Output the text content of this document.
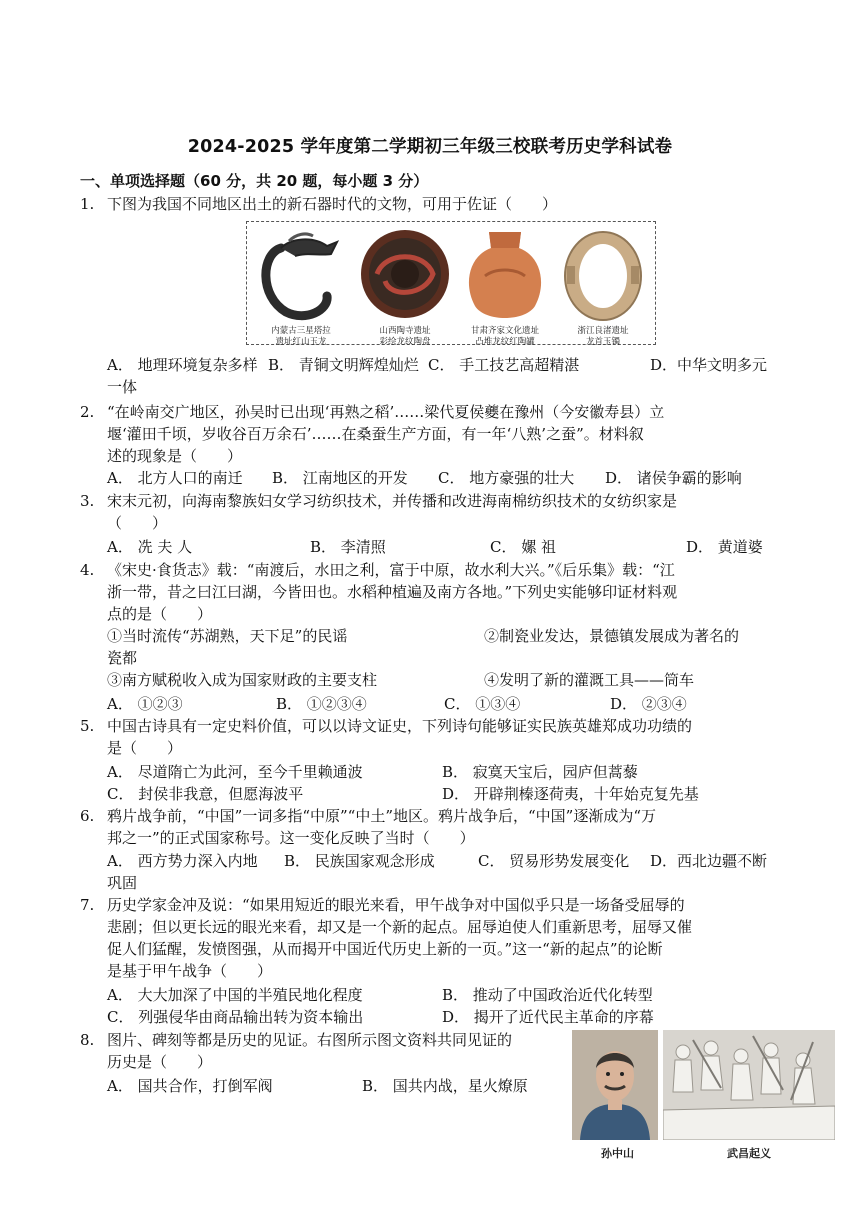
2024-2025 学年度第二学期初三年级三校联考历史学科试卷
一、单项选择题（60 分，共 20 题，每小题 3 分）
1. 下图为我国不同地区出土的新石器时代的文物，可用于佐证（　　）
内蒙古三星塔拉
遗址红山玉龙
山西陶寺遗址
彩绘龙纹陶盘
甘肃齐家文化遗址
凸堆龙纹红陶罐
浙江良渚遗址
龙首玉镯
A． 地理环境复杂多样 B． 青铜文明辉煌灿烂 C． 手工技艺高超精湛	D．中华文明多元
一体
2. “在岭南交广地区，孙吴时已出现‘再熟之稻’……梁代夏侯夔在豫州（今安徽寿县）立
堰‘灌田千顷，岁收谷百万余石’……在桑蚕生产方面，有一年‘八熟’之蚕”。材料叙
述的现象是（　　）
A． 北方人口的南迁 B． 江南地区的开发 C． 地方豪强的壮大 D． 诸侯争霸的影响
3. 宋末元初，向海南黎族妇女学习纺织技术，并传播和改进海南棉纺织技术的女纺织家是
（　　）
A． 冼 夫 人	B． 李清照	C． 嫘 祖	D． 黄道婆
4. 《宋史·食货志》载：“南渡后，水田之利，富于中原，故水利大兴。”《后乐集》载：“江
浙一带，昔之曰江曰湖，今皆田也。水稻种植遍及南方各地。”下列史实能够印证材料观
点的是（　　）
①当时流传“苏湖熟，天下足”的民谣	②制瓷业发达，景德镇发展成为著名的
瓷都
③南方赋税收入成为国家财政的主要支柱	④发明了新的灌溉工具——筒车
A． ①②③	B． ①②③④	C． ①③④	D． ②③④
5. 中国古诗具有一定史料价值，可以以诗文证史，下列诗句能够证实民族英雄郑成功功绩的
是（　　）
A． 尽道隋亡为此河，至今千里赖通波	B． 寂寞天宝后，园庐但蒿藜
C． 封侯非我意，但愿海波平	D． 开辟荆榛逐荷夷，十年始克复先基
6. 鸦片战争前，“中国”一词多指“中原”“中土”地区。鸦片战争后，“中国”逐渐成为“万
邦之一”的正式国家称号。这一变化反映了当时（　　）
A． 西方势力深入内地 B． 民族国家观念形成	C． 贸易形势发展变化 D．西北边疆不断
巩固
7. 历史学家金冲及说：“如果用短近的眼光来看，甲午战争对中国似乎只是一场备受屈辱的
悲剧；但以更长远的眼光来看，却又是一个新的起点。屈辱迫使人们重新思考，屈辱又催
促人们猛醒，发愤图强，从而揭开中国近代历史上新的一页。”这一“新的起点”的论断
是基于甲午战争（　　）
A． 大大加深了中国的半殖民地化程度	B． 推动了中国政治近代化转型
C． 列强侵华由商品输出转为资本输出	D． 揭开了近代民主革命的序幕
8. 图片、碑刻等都是历史的见证。右图所示图文资料共同见证的
历史是（　　）
A． 国共合作，打倒军阀	B． 国共内战，星火燎原
孙中山	武昌起义
